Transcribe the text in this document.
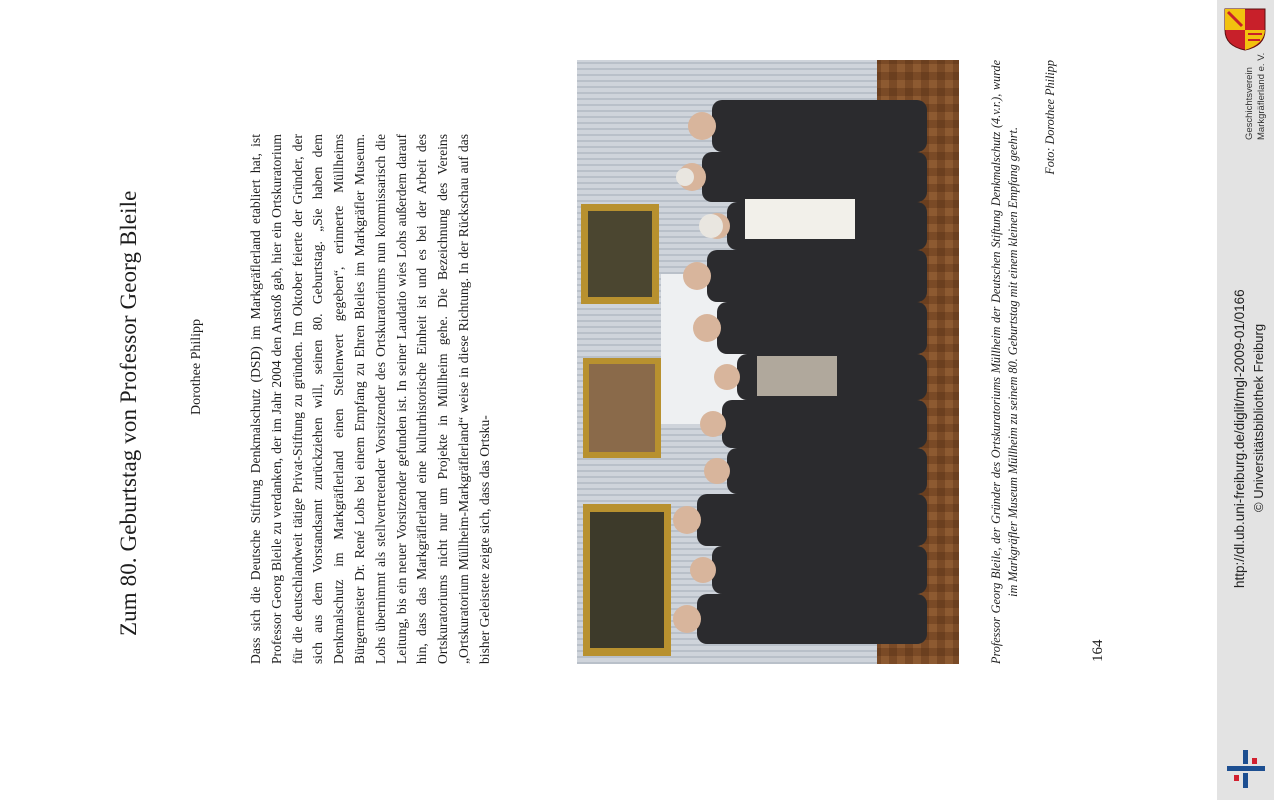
Zum 80. Geburtstag von Professor Georg Bleile	Dorothee Philipp	Dass sich die Deutsche Stiftung Denkmalschutz (DSD) im Markgräflerland etabliert hat, ist Professor Georg Bleile zu verdanken, der im Jahr 2004 den Anstoß gab, hier ein Ortskuratorium für die deutschlandweit tätige Privat-Stiftung zu gründen. Im Oktober feierte der Gründer, der sich aus dem Vorstandsamt zurückziehen will, seinen 80. Geburtstag. „Sie haben dem Denkmalschutz im Markgräflerland einen Stellenwert gegeben“, erinnerte Müllheims Bürgermeister Dr. René Lohs bei einem Empfang zu Ehren Bleiles im Markgräfler Museum. Lohs übernimmt als stellvertretender Vorsitzender des Ortskuratoriums nun kommissarisch die Leitung, bis ein neuer Vorsitzender gefunden ist. In seiner Laudatio wies Lohs außerdem darauf hin, dass das Markgräflerland eine kulturhistorische Einheit ist und es bei der Arbeit des Ortskuratoriums nicht nur um Projekte in Müllheim gehe. Die Bezeichnung des Vereins „Ortskuratorium Müllheim-Markgräflerland“ weise in diese Richtung. In der Rückschau auf das bisher Geleistete zeigte sich, dass das Ortsku-	Professor Georg Bleile, der Gründer des Ortskuratoriums Müllheim der Deutschen Stiftung Denkmalschutz (4.v.r.), wurde im Markgräfler Museum Müllheim zu seinem 80. Geburtstag mit einem kleinen Empfang geehrt.
Foto: Dorothee Philipp
164
Geschichtsverein Markgräflerland e. V.
http://dl.ub.uni-freiburg.de/diglit/mgl-2009-01/0166 © Universitätsbibliothek Freiburg
